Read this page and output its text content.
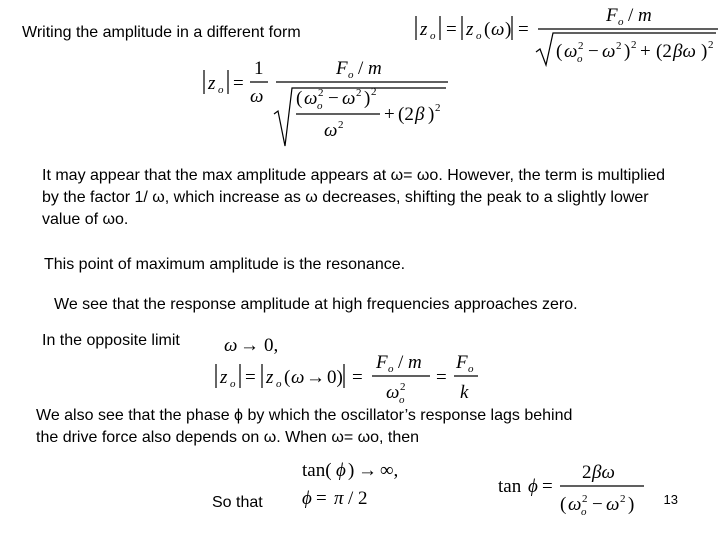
Writing the amplitude in a different form	z o = z o ( ω ) =
F o / m
( ω 2
o − ω 2 ) 2 + (2 βω ) 2
z o =
1
ω
F o / m
( ω 2
o − ω 2 ) 2
ω 2 + (2 β ) 2
It may appear that the max amplitude appears at ω= ωo. However, the term is multiplied by the factor 1/ ω, which increase as ω decreases, shifting the peak to a slightly lower value of ωo.
This point of maximum amplitude is the resonance.
We see that the response amplitude at high frequencies approaches zero.
In the opposite limit ω → 0,
z o = z o ( ω → 0) =
F o / m
ω 2
o
=
F o
k
We also see that the phase ϕ by which the oscillator’s response lags behind the drive force also depends on ω. When ω= ωo, then
tan( ϕ ) → ∞,
tan ϕ =
2 βω
( ω 2
o − ω 2 )
So that ϕ = π / 2	13
